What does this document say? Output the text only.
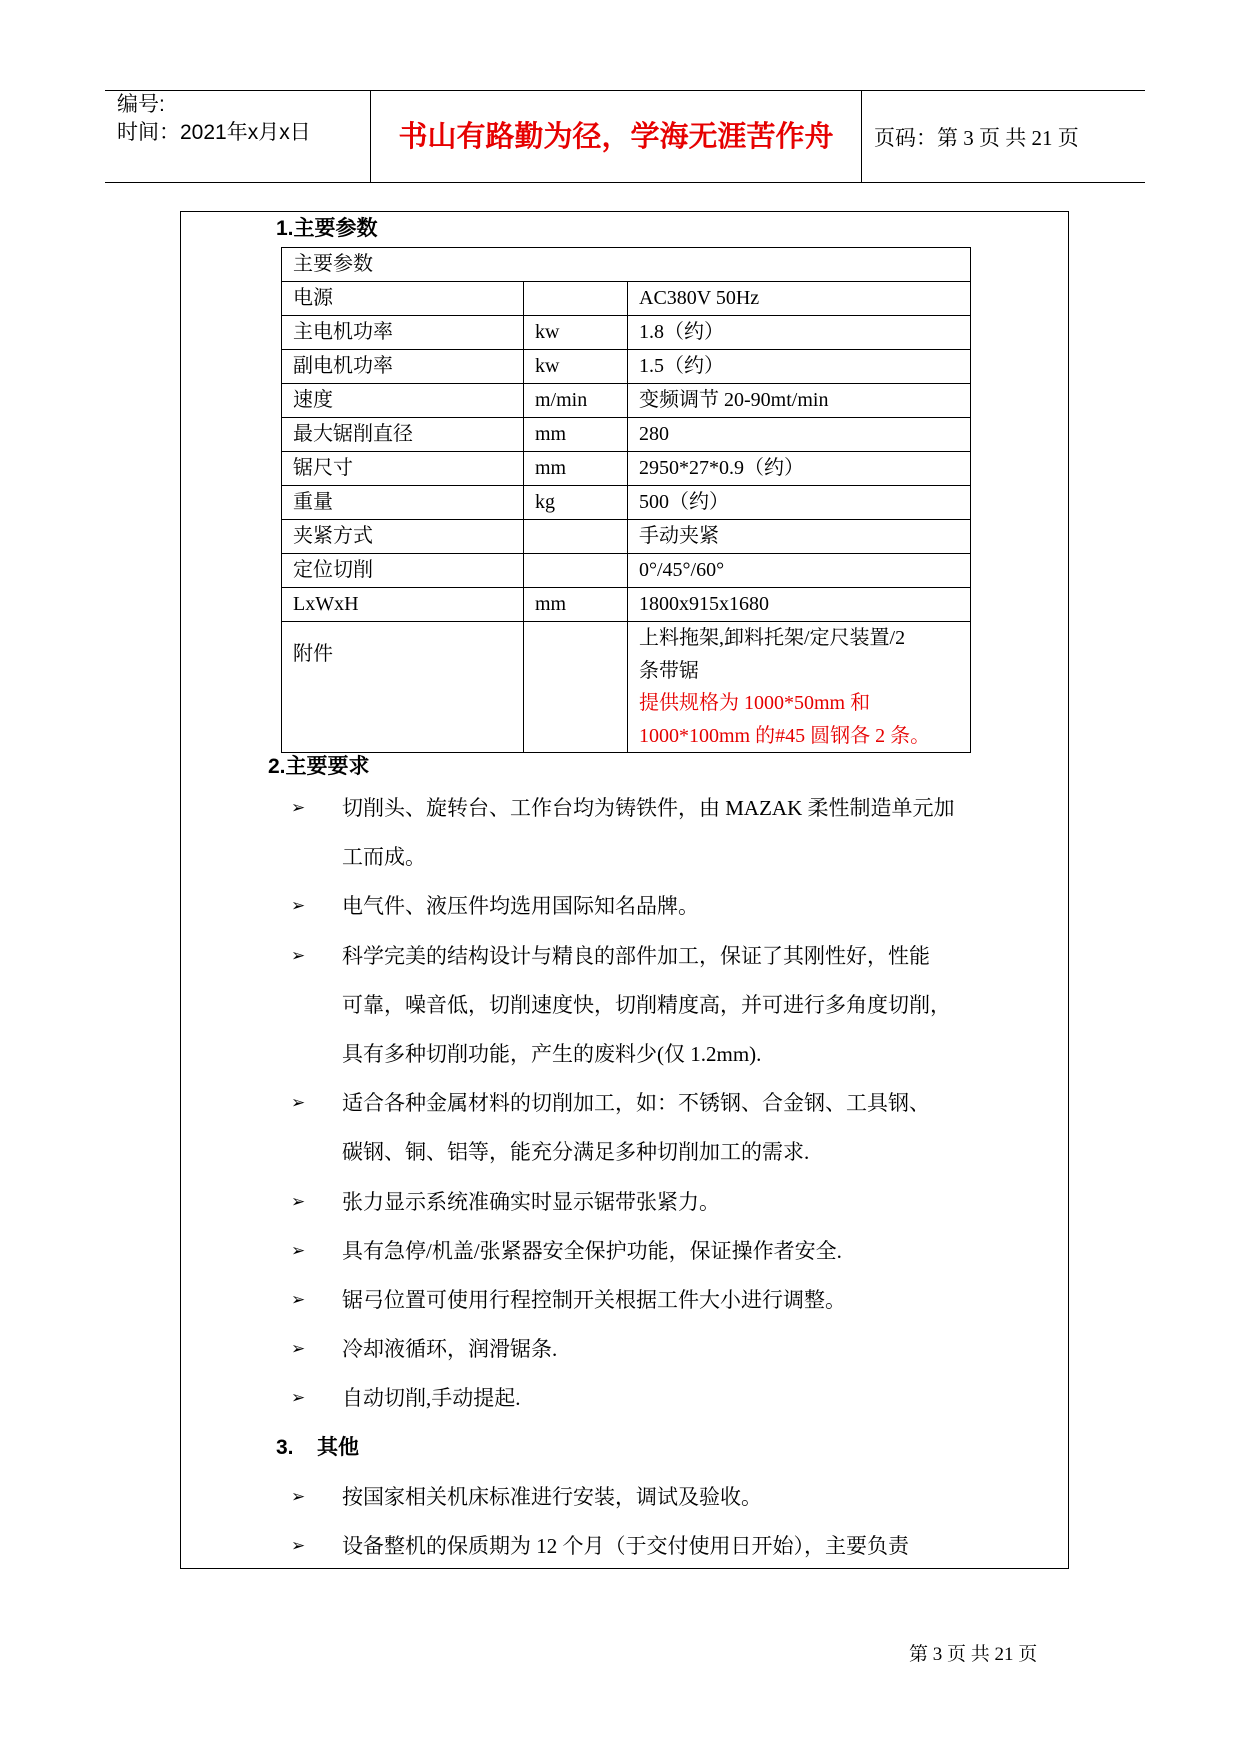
编号:
时间：2021年x月x日	书山有路勤为径，学海无涯苦作舟	页码：第 3 页 共 21 页
1.主要参数
主要参数		
电源		AC380V 50Hz
主电机功率	kw	1.8（约）
副电机功率	kw	1.5（约）
速度	m/min	变频调节 20-90mt/min
最大锯削直径	mm	280
锯尺寸	mm	2950*27*0.9（约）
重量	kg	500（约）
夹紧方式		手动夹紧
定位切削		0°/45°/60°
LxWxH	mm	1800x915x1680
附件		上料拖架,卸料托架/定尺装置/2
条带锯
提供规格为 1000*50mm 和
1000*100mm 的#45 圆钢各 2 条。
2.主要要求
➢
切削头、旋转台、工作台均为铸铁件，由 MAZAK 柔性制造单元加
工而成。
➢
电气件、液压件均选用国际知名品牌。
➢
科学完美的结构设计与精良的部件加工，保证了其刚性好，性能
可靠，噪音低，切削速度快，切削精度高，并可进行多角度切削，
具有多种切削功能，产生的废料少(仅 1.2mm).
➢
适合各种金属材料的切削加工，如：不锈钢、合金钢、工具钢、
碳钢、铜、铝等，能充分满足多种切削加工的需求.
➢
张力显示系统准确实时显示锯带张紧力。
➢
具有急停/机盖/张紧器安全保护功能，保证操作者安全.
➢
锯弓位置可使用行程控制开关根据工件大小进行调整。
➢
冷却液循环，润滑锯条.
➢
自动切削,手动提起.
3. 其他
➢
按国家相关机床标准进行安装，调试及验收。
➢
设备整机的保质期为 12 个月（于交付使用日开始），主要负责
第 3 页 共 21 页
